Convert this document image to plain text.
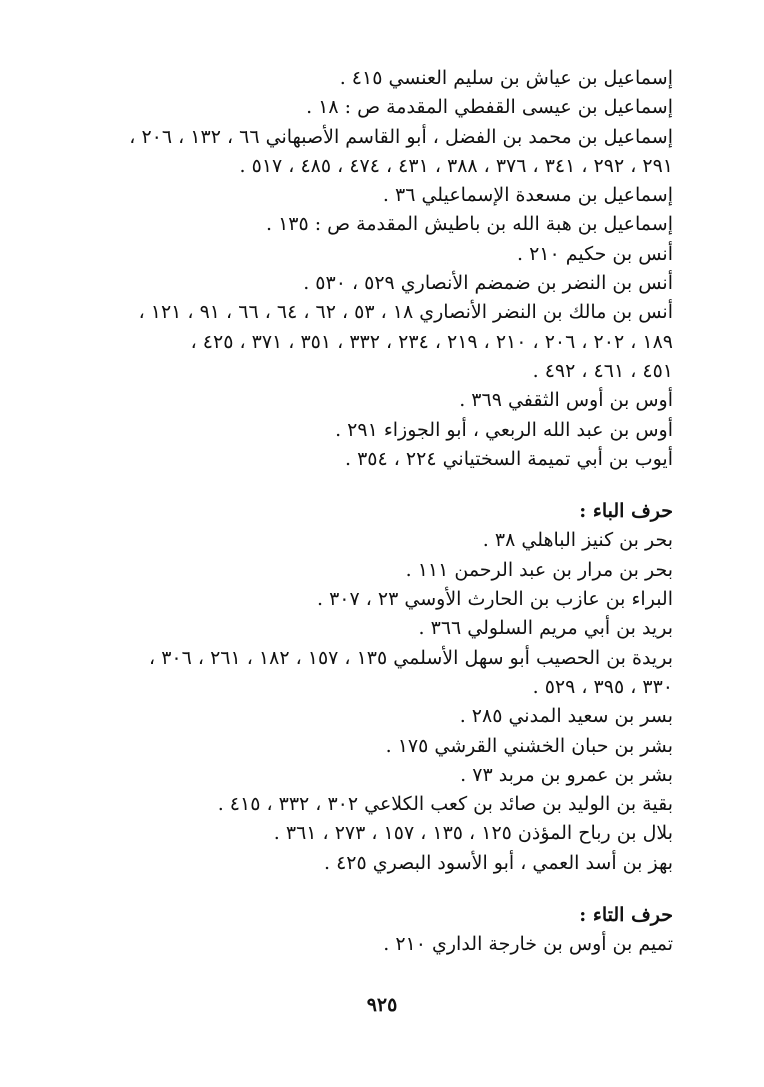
إسماعيل بن عياش بن سليم العنسي ٤١٥ .
إسماعيل بن عيسى القفطي المقدمة ص : ١٨ .
إسماعيل بن محمد بن الفضل ، أبو القاسم الأصبهاني ٦٦ ، ١٣٢ ، ٢٠٦ ،
٢٩١ ، ٢٩٢ ، ٣٤١ ، ٣٧٦ ، ٣٨٨ ، ٤٣١ ، ٤٧٤ ، ٤٨٥ ، ٥١٧ .
إسماعيل بن مسعدة الإسماعيلي ٣٦ .
إسماعيل بن هبة الله بن باطيش المقدمة ص : ١٣٥ .
أنس بن حكيم ٢١٠ .
أنس بن النضر بن ضمضم الأنصاري ٥٢٩ ، ٥٣٠ .
أنس بن مالك بن النضر الأنصاري ١٨ ، ٥٣ ، ٦٢ ، ٦٤ ، ٦٦ ، ٩١ ، ١٢١ ،
١٨٩ ، ٢٠٢ ، ٢٠٦ ، ٢١٠ ، ٢١٩ ، ٢٣٤ ، ٣٣٢ ، ٣٥١ ، ٣٧١ ، ٤٢٥ ،
٤٥١ ، ٤٦١ ، ٤٩٢ .
أوس بن أوس الثقفي ٣٦٩ .
أوس بن عبد الله الربعي ، أبو الجوزاء ٢٩١ .
أيوب بن أبي تميمة السختياني ٢٢٤ ، ٣٥٤ .
حرف الباء :
بحر بن كنيز الباهلي ٣٨ .
بحر بن مرار بن عبد الرحمن ١١١ .
البراء بن عازب بن الحارث الأوسي ٢٣ ، ٣٠٧ .
بريد بن أبي مريم السلولي ٣٦٦ .
بريدة بن الحصيب أبو سهل الأسلمي ١٣٥ ، ١٥٧ ، ١٨٢ ، ٢٦١ ، ٣٠٦ ،
٣٣٠ ، ٣٩٥ ، ٥٢٩ .
بسر بن سعيد المدني ٢٨٥ .
بشر بن حبان الخشني القرشي ١٧٥ .
بشر بن عمرو بن مربد ٧٣ .
بقية بن الوليد بن صائد بن كعب الكلاعي ٣٠٢ ، ٣٣٢ ، ٤١٥ .
بلال بن رباح المؤذن ١٢٥ ، ١٣٥ ، ١٥٧ ، ٢٧٣ ، ٣٦١ .
بهز بن أسد العمي ، أبو الأسود البصري ٤٢٥ .
حرف التاء :
تميم بن أوس بن خارجة الداري ٢١٠ .
٩٢٥
